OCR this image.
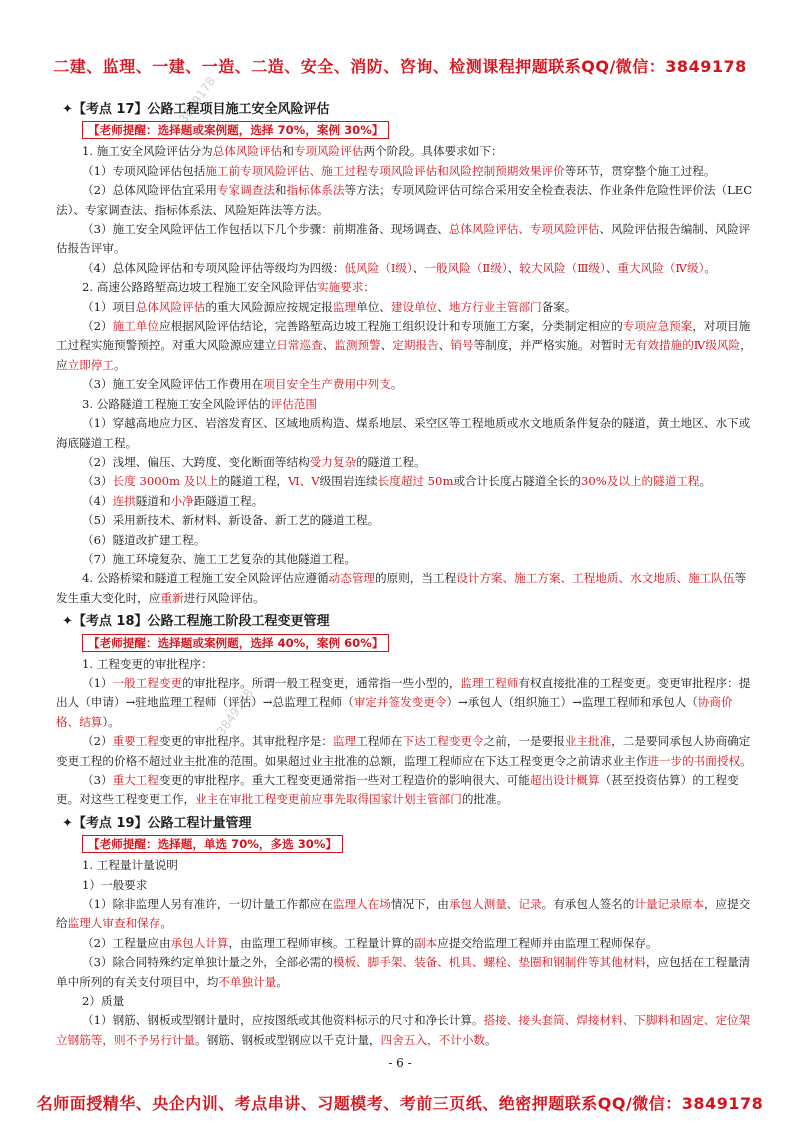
二建、监理、一建、一造、二造、安全、消防、咨询、检测课程押题联系QQ/微信：3849178
3849178
3849178

✦【考点 17】公路工程项目施工安全风险评估

【老师提醒：选择题或案例题，选择 70%，案例 30%】

1. 施工安全风险评估分为总体风险评估和专项风险评估两个阶段。具体要求如下：

（1）专项风险评估包括施工前专项风险评估、施工过程专项风险评估和风险控制预期效果评价等环节，贯穿整个施工过程。

（2）总体风险评估宜采用专家调查法和指标体系法等方法；专项风险评估可综合采用安全检查表法、作业条件危险性评价法（LEC 法）、专家调查法、指标体系法、风险矩阵法等方法。

（3）施工安全风险评估工作包括以下几个步骤：前期准备、现场调查、总体风险评估、专项风险评估、风险评估报告编制、风险评估报告评审。

（4）总体风险评估和专项风险评估等级均为四级：低风险（Ⅰ级）、一般风险（Ⅱ级）、较大风险（Ⅲ级）、重大风险（Ⅳ级）。

2. 高速公路路堑高边坡工程施工安全风险评估实施要求：

（1）项目总体风险评估的重大风险源应按规定报监理单位、建设单位、地方行业主管部门备案。

（2）施工单位应根据风险评估结论，完善路堑高边坡工程施工组织设计和专项施工方案，分类制定相应的专项应急预案，对项目施工过程实施预警预控。对重大风险源应建立日常巡查、监测预警、定期报告、销号等制度，并严格实施。对暂时无有效措施的Ⅳ级风险，应立即停工。

（3）施工安全风险评估工作费用在项目安全生产费用中列支。

3. 公路隧道工程施工安全风险评估的评估范围

（1）穿越高地应力区、岩溶发育区、区域地质构造、煤系地层、采空区等工程地质或水文地质条件复杂的隧道，黄土地区、水下或海底隧道工程。

（2）浅埋、偏压、大跨度、变化断面等结构受力复杂的隧道工程。

（3）长度 3000m 及以上的隧道工程，Ⅵ、Ⅴ级围岩连续长度超过 50m或合计长度占隧道全长的30%及以上的隧道工程。

（4）连拱隧道和小净距隧道工程。

（5）采用新技术、新材料、新设备、新工艺的隧道工程。

（6）隧道改扩建工程。

（7）施工环境复杂、施工工艺复杂的其他隧道工程。

4. 公路桥梁和隧道工程施工安全风险评估应遵循动态管理的原则，当工程设计方案、施工方案、工程地质、水文地质、施工队伍等发生重大变化时，应重新进行风险评估。

✦【考点 18】公路工程施工阶段工程变更管理

【老师提醒：选择题或案例题，选择 40%，案例 60%】

1. 工程变更的审批程序：

（1）一般工程变更的审批程序。所谓一般工程变更，通常指一些小型的，监理工程师有权直接批准的工程变更。变更审批程序：提出人（申请）→驻地监理工程师（评估）→总监理工程师（审定并签发变更令）→承包人（组织施工）→监理工程师和承包人（协商价格、结算）。

（2）重要工程变更的审批程序。其审批程序是：监理工程师在下达工程变更令之前，一是要报业主批准，二是要同承包人协商确定变更工程的价格不超过业主批准的范围。如果超过业主批准的总额，监理工程师应在下达工程变更令之前请求业主作进一步的书面授权。

（3）重大工程变更的审批程序。重大工程变更通常指一些对工程造价的影响很大、可能超出设计概算（甚至投资估算）的工程变更。对这些工程变更工作，业主在审批工程变更前应事先取得国家计划主管部门的批准。

✦【考点 19】公路工程计量管理

【老师提醒：选择题，单选 70%，多选 30%】

1. 工程量计量说明

1）一般要求

（1）除非监理人另有准许，一切计量工作都应在监理人在场情况下，由承包人测量、记录。有承包人签名的计量记录原本，应提交给监理人审查和保存。

（2）工程量应由承包人计算，由监理工程师审核。工程量计算的副本应提交给监理工程师并由监理工程师保存。

（3）除合同特殊约定单独计量之外，全部必需的模板、脚手架、装备、机具、螺栓、垫圈和钢制件等其他材料，应包括在工程量清单中所列的有关支付项目中，均不单独计量。

2）质量

（1）钢筋、钢板或型钢计量时，应按图纸或其他资料标示的尺寸和净长计算。搭接、接头套筒、焊接材料、下脚料和固定、定位架立钢筋等，则不予另行计量。钢筋、钢板或型钢应以千克计量，四舍五入，不计小数。

- 6 -
名师面授精华、央企内训、考点串讲、习题模考、考前三页纸、绝密押题联系QQ/微信：3849178
